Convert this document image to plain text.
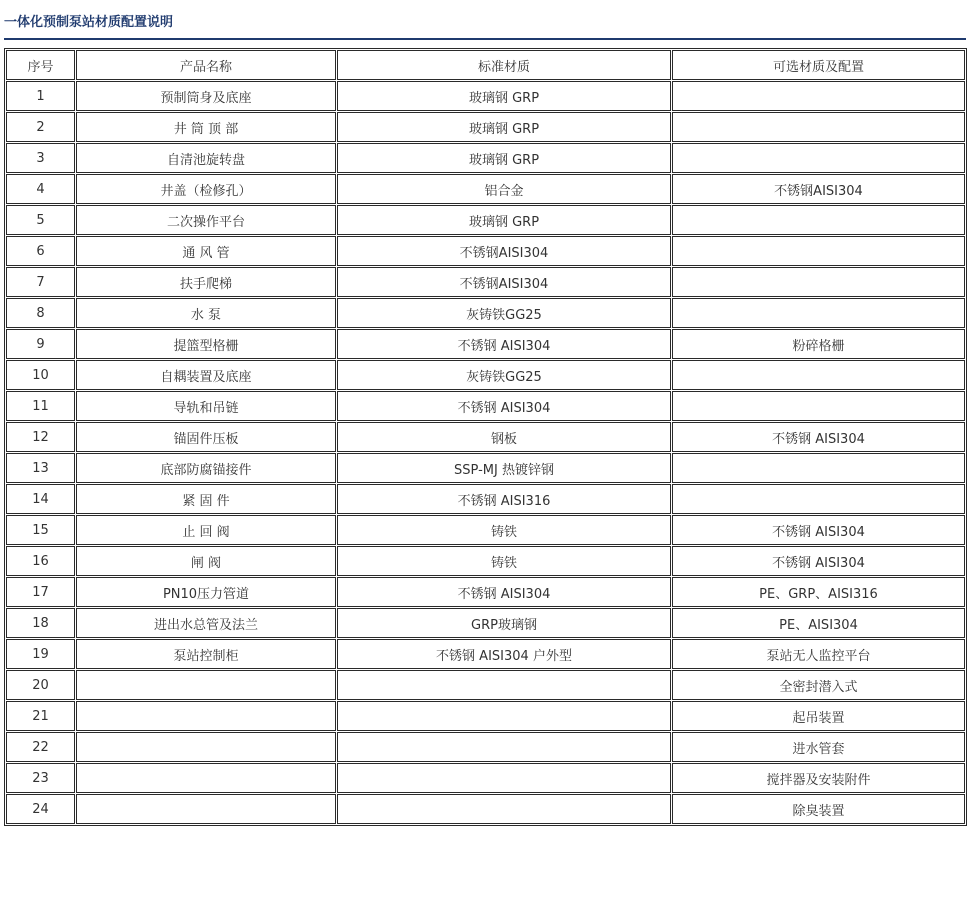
一体化预制泵站材质配置说明
序号	产品名称	标准材质	可选材质及配置
1	预制筒身及底座	玻璃钢 GRP	
2	井 筒 顶 部	玻璃钢 GRP	
3	自清池旋转盘	玻璃钢 GRP	
4	井盖（检修孔）	铝合金	不锈钢AISI304
5	二次操作平台	玻璃钢 GRP	
6	通 风 管	不锈钢AISI304	
7	扶手爬梯	不锈钢AISI304	
8	水 泵	灰铸铁GG25	
9	提篮型格栅	不锈钢 AISI304	粉碎格栅
10	自耦装置及底座	灰铸铁GG25	
11	导轨和吊链	不锈钢 AISI304	
12	锚固件压板	钢板	不锈钢 AISI304
13	底部防腐锚接件	SSP-MJ 热镀锌钢	
14	紧 固 件	不锈钢 AISI316	
15	止 回 阀	铸铁	不锈钢 AISI304
16	闸 阀	铸铁	不锈钢 AISI304
17	PN10压力管道	不锈钢 AISI304	PE、GRP、AISI316
18	进出水总管及法兰	GRP玻璃钢	PE、AISI304
19	泵站控制柜	不锈钢 AISI304 户外型	泵站无人监控平台
20			全密封潜入式
21			起吊装置
22			进水管套
23			搅拌器及安装附件
24			除臭装置
